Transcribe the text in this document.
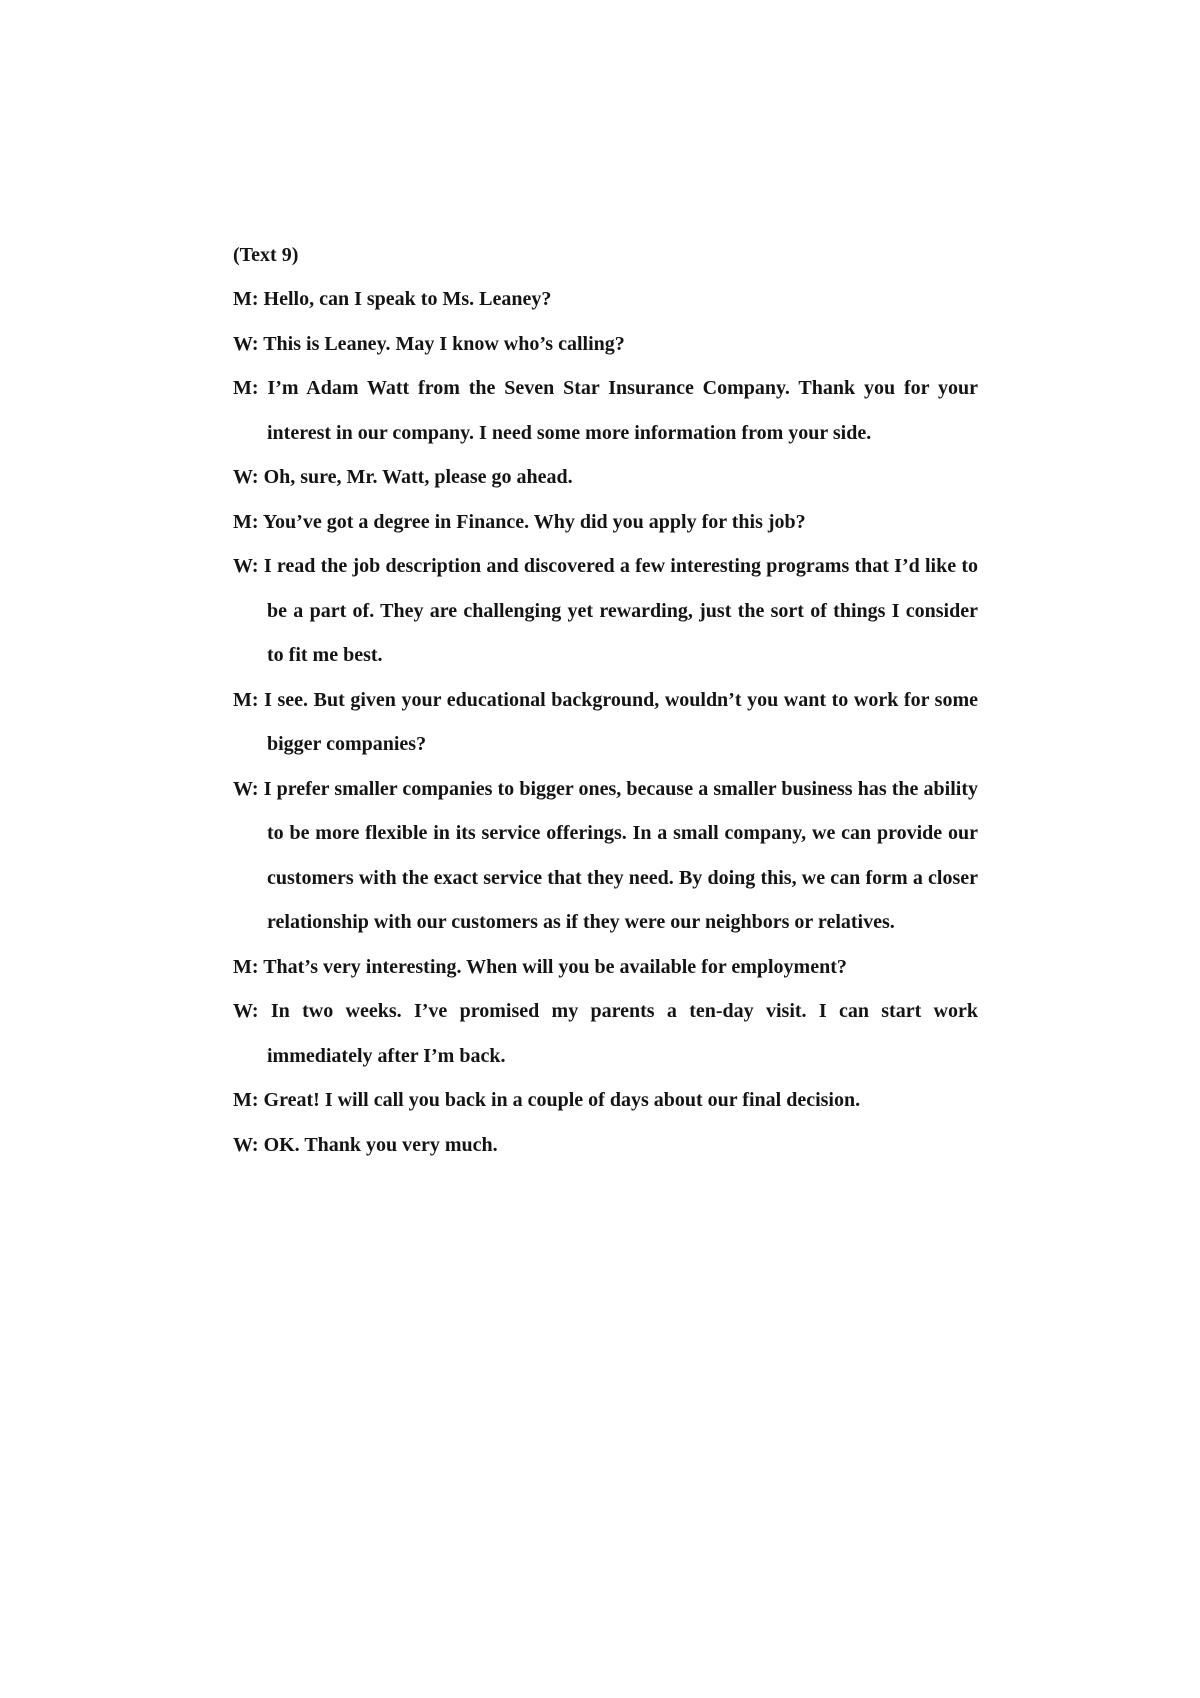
(Text 9)

M: Hello, can I speak to Ms. Leaney?

W: This is Leaney. May I know who’s calling?

M: I’m Adam Watt from the Seven Star Insurance Company. Thank you for your interest in our company. I need some more information from your side.

W: Oh, sure, Mr. Watt, please go ahead.

M: You’ve got a degree in Finance. Why did you apply for this job?

W: I read the job description and discovered a few interesting programs that I’d like to be a part of. They are challenging yet rewarding, just the sort of things I consider to fit me best.

M: I see. But given your educational background, wouldn’t you want to work for some bigger companies?

W: I prefer smaller companies to bigger ones, because a smaller business has the ability to be more flexible in its service offerings. In a small company, we can provide our customers with the exact service that they need. By doing this, we can form a closer relationship with our customers as if they were our neighbors or relatives.

M: That’s very interesting. When will you be available for employment?

W: In two weeks. I’ve promised my parents a ten-day visit. I can start work immediately after I’m back.

M: Great! I will call you back in a couple of days about our final decision.

W: OK. Thank you very much.
